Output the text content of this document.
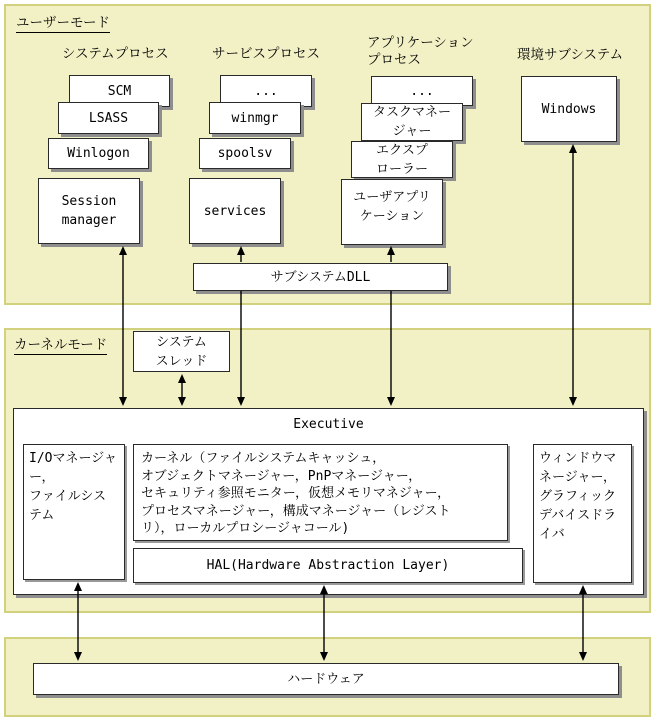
ユーザーモード
カーネルモード
システムプロセス	サービスプロセス
アプリケーション
プロセス	環境サブシステム
SCM
LSASS
Winlogon
Session
manager
...
winmgr
spoolsv
services
...
タスクマネー
ジャー
エクスプ
ローラー
ユーザアプリ
ケーション
Windows
サブシステムDLL
システム
スレッド
Executive
I/Oマネージャ
ー，
ファイルシス
テム
カーネル（ファイルシステムキャッシュ，
オブジェクトマネージャー，PnPマネージャー，
セキュリティ参照モニター，仮想メモリマネジャー，
プロセスマネージャー，構成マネージャー（レジスト
リ），ローカルプロシージャコール)
HAL(Hardware Abstraction Layer)
ウィンドウマ
ネージャー，
グラフィック
デバイスドラ
イバ
ハードウェア
